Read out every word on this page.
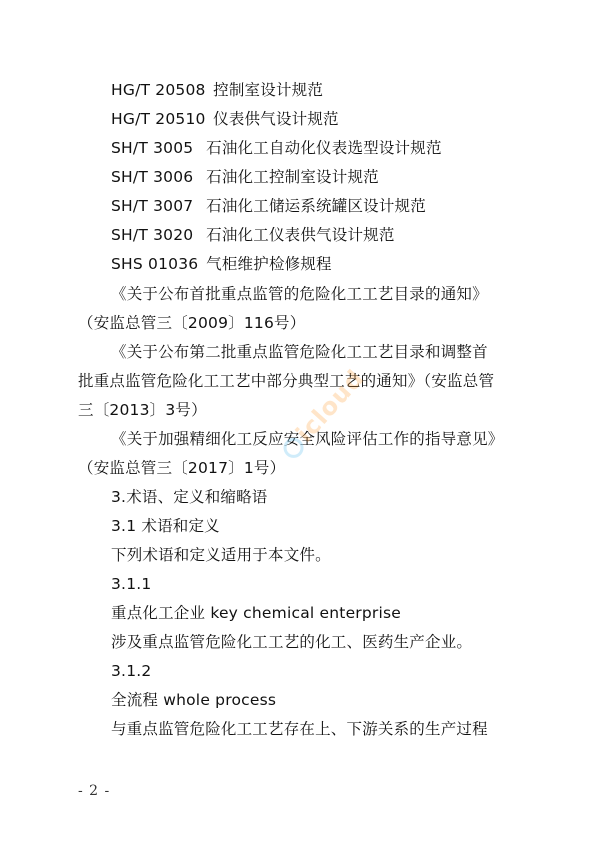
HG/T 20508 控制室设计规范
HG/T 20510 仪表供气设计规范
SH/T 3005 石油化工自动化仪表选型设计规范
SH/T 3006 石油化工控制室设计规范
SH/T 3007 石油化工储运系统罐区设计规范
SH/T 3020 石油化工仪表供气设计规范
SHS 01036 气柜维护检修规程
《关于公布首批重点监管的危险化工工艺目录的通知》
（安监总管三〔2009〕116号）
《关于公布第二批重点监管危险化工工艺目录和调整首
批重点监管危险化工工艺中部分典型工艺的通知》（安监总管
三〔2013〕3号）
《关于加强精细化工反应安全风险评估工作的指导意见》
（安监总管三〔2017〕1号）
3.术语、定义和缩略语
3.1 术语和定义
下列术语和定义适用于本文件。
3.1.1
重点化工企业 key chemical enterprise
涉及重点监管危险化工工艺的化工、医药生产企业。
3.1.2
全流程 whole process
与重点监管危险化工工艺存在上、下游关系的生产过程
icloud
- 2 -
